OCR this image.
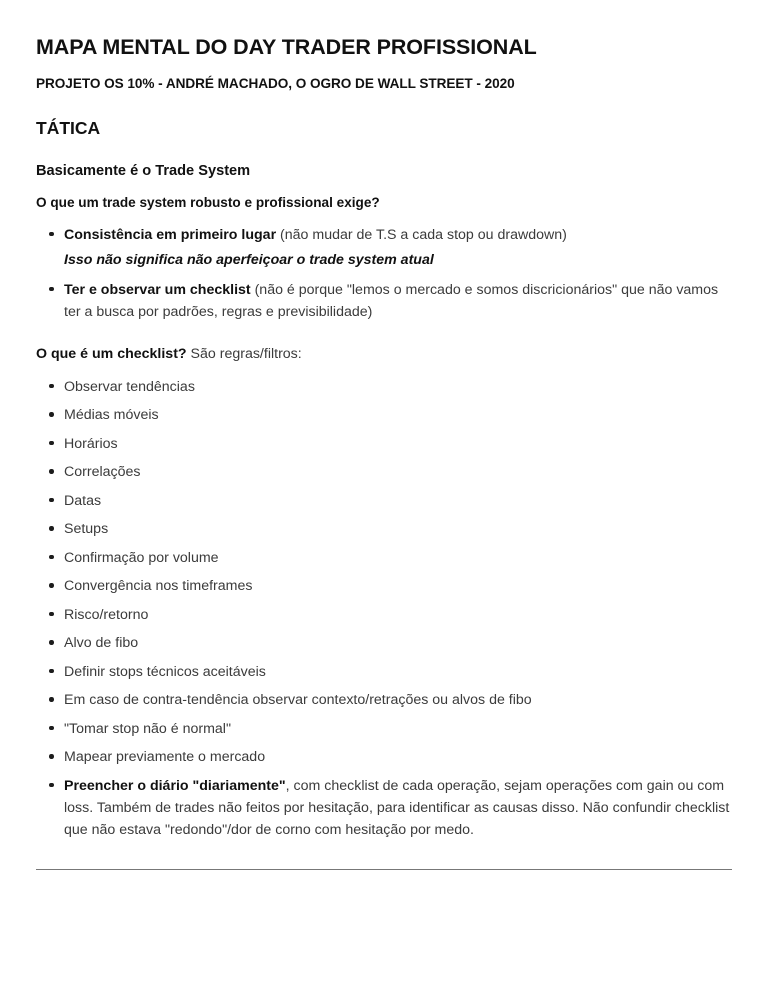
MAPA MENTAL DO DAY TRADER PROFISSIONAL

PROJETO OS 10% - ANDRÉ MACHADO, O OGRO DE WALL STREET - 2020

TÁTICA
Basicamente é o Trade System

O que um trade system robusto e profissional exige?

Consistência em primeiro lugar (não mudar de T.S a cada stop ou drawdown)
Isso não significa não aperfeiçoar o trade system atual
Ter e observar um checklist (não é porque "lemos o mercado e somos discricionários" que não vamos ter a busca por padrões, regras e previsibilidade)

O que é um checklist? São regras/filtros:

Observar tendências
Médias móveis
Horários
Correlações
Datas
Setups
Confirmação por volume
Convergência nos timeframes
Risco/retorno
Alvo de fibo
Definir stops técnicos aceitáveis
Em caso de contra-tendência observar contexto/retrações ou alvos de fibo
"Tomar stop não é normal"
Mapear previamente o mercado
Preencher o diário "diariamente", com checklist de cada operação, sejam operações com gain ou com loss. Também de trades não feitos por hesitação, para identificar as causas disso. Não confundir checklist que não estava "redondo"/dor de corno com hesitação por medo.
